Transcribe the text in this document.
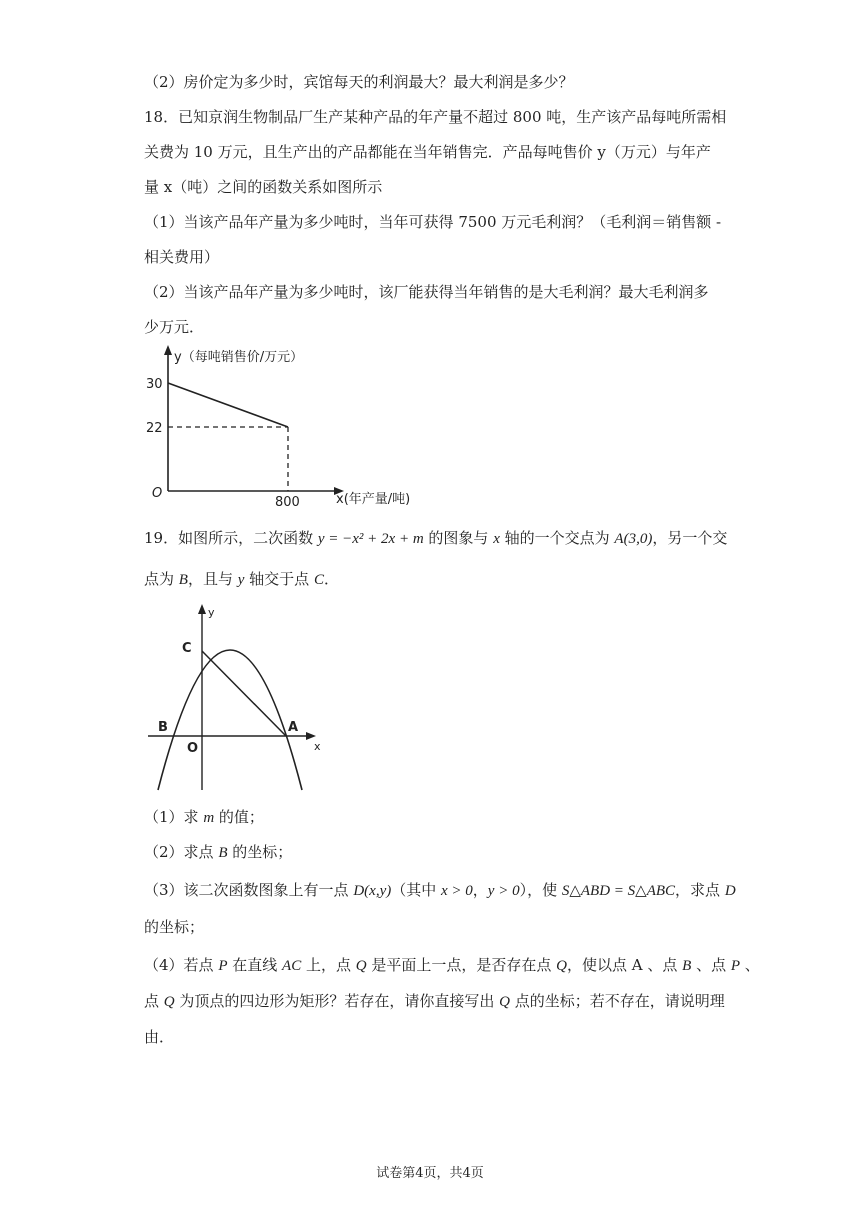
（2）房价定为多少时，宾馆每天的利润最大？最大利润是多少？
18．已知京润生物制品厂生产某种产品的年产量不超过 800 吨，生产该产品每吨所需相
关费为 10 万元，且生产出的产品都能在当年销售完．产品每吨售价 y（万元）与年产
量 x（吨）之间的函数关系如图所示
（1）当该产品年产量为多少吨时，当年可获得 7500 万元毛利润？（毛利润＝销售额 -
相关费用）
（2）当该产品年产量为多少吨时，该厂能获得当年销售的是大毛利润？最大毛利润多
少万元．
y（每吨销售价/万元）
30
22
O
800	x(年产量/吨)
19．如图所示，二次函数 y = −x² + 2x + m 的图象与 x 轴的一个交点为 A(3,0)，另一个交
点为 B，且与 y 轴交于点 C．
y
C
B	A
O	x
（1）求 m 的值；
（2）求点 B 的坐标；
（3）该二次函数图象上有一点 D(x,y)（其中 x > 0，y > 0），使 S△ABD = S△ABC，求点 D
的坐标；
（4）若点 P 在直线 AC 上，点 Q 是平面上一点，是否存在点 Q，使以点 A 、点 B 、点 P 、
点 Q 为顶点的四边形为矩形？若存在，请你直接写出 Q 点的坐标；若不存在，请说明理
由．
试卷第4页，共4页
